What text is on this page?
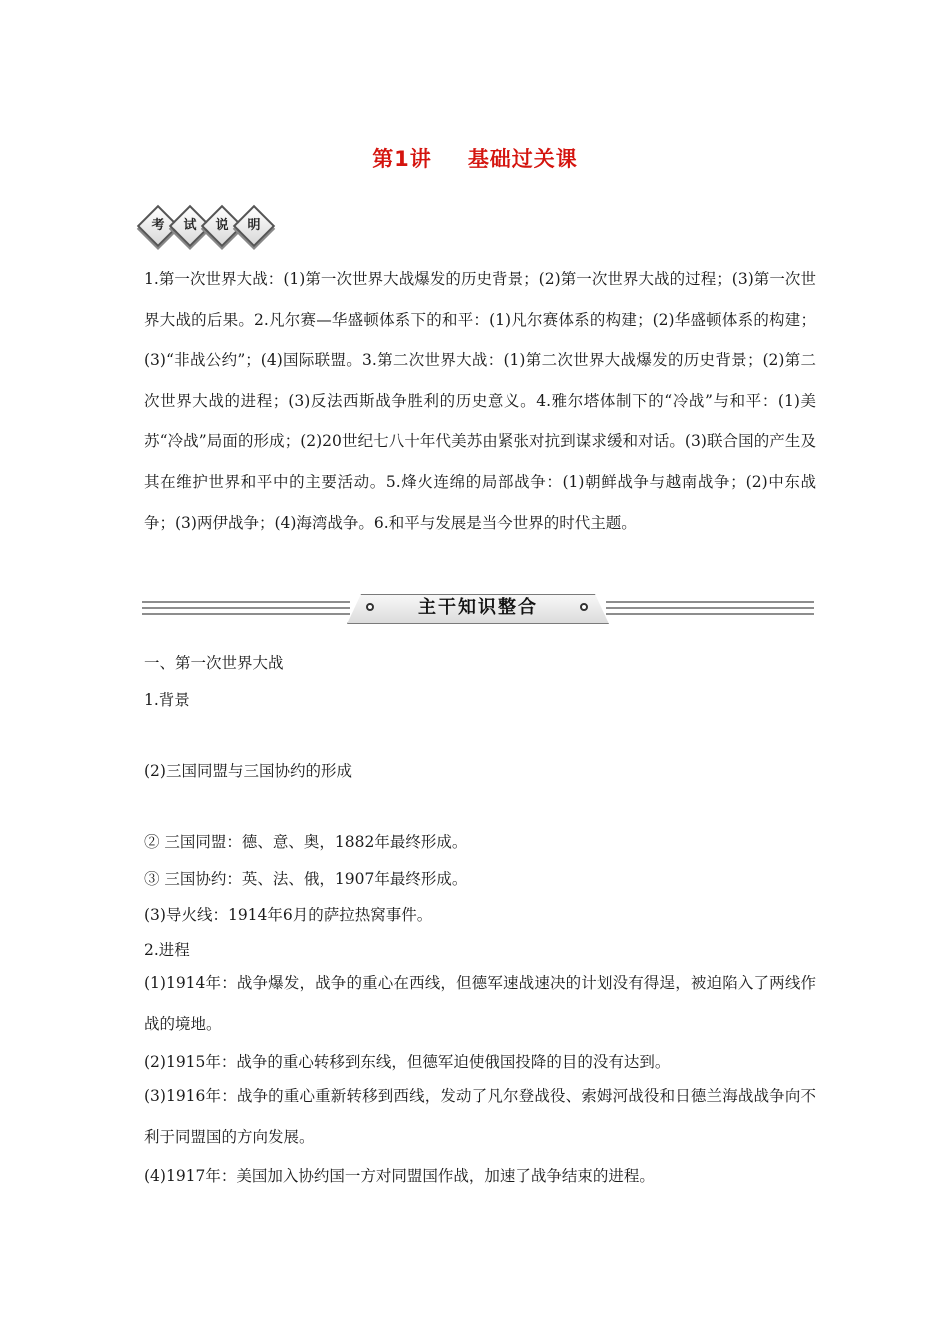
第1讲 基础过关课
考	试	说	明
1.第一次世界大战：(1)第一次世界大战爆发的历史背景；(2)第一次世界大战的过程；(3)第一次世界大战的后果。2.凡尔赛—华盛顿体系下的和平：(1)凡尔赛体系的构建；(2)华盛顿体系的构建；(3)“非战公约”；(4)国际联盟。3.第二次世界大战：(1)第二次世界大战爆发的历史背景；(2)第二次世界大战的进程；(3)反法西斯战争胜利的历史意义。4.雅尔塔体制下的“冷战”与和平：(1)美苏“冷战”局面的形成；(2)20世纪七八十年代美苏由紧张对抗到谋求缓和对话。(3)联合国的产生及其在维护世界和平中的主要活动。5.烽火连绵的局部战争：(1)朝鲜战争与越南战争；(2)中东战争；(3)两伊战争；(4)海湾战争。6.和平与发展是当今世界的时代主题。
主干知识整合
一、第一次世界大战
1.背景
(2)三国同盟与三国协约的形成
② 三国同盟：德、意、奥，1882年最终形成。
③ 三国协约：英、法、俄，1907年最终形成。
(3)导火线：1914年6月的萨拉热窝事件。
2.进程
(1)1914年：战争爆发，战争的重心在西线，但德军速战速决的计划没有得逞，被迫陷入了两线作战的境地。
(2)1915年：战争的重心转移到东线，但德军迫使俄国投降的目的没有达到。
(3)1916年：战争的重心重新转移到西线，发动了凡尔登战役、索姆河战役和日德兰海战战争向不利于同盟国的方向发展。
(4)1917年：美国加入协约国一方对同盟国作战，加速了战争结束的进程。
